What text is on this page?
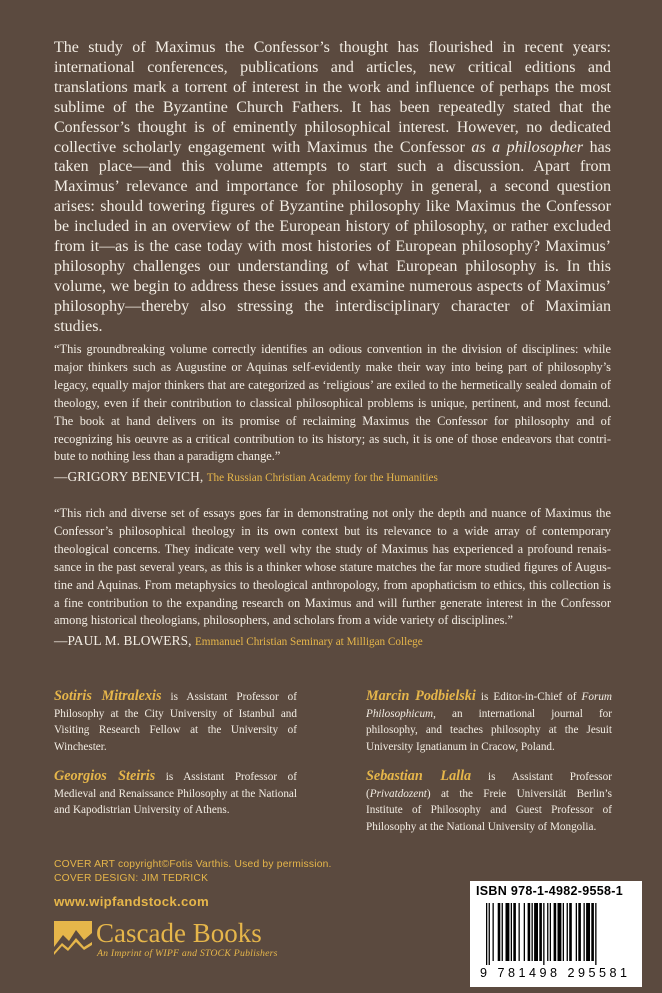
The study of Maximus the Confessor’s thought has flourished in recent years: international conferences, publications and articles, new critical editions and translations mark a torrent of interest in the work and influence of perhaps the most sublime of the Byzantine Church Fathers. It has been repeatedly stated that the Confessor’s thought is of eminently philosophical interest. However, no dedicated collective scholarly engagement with Maximus the Confessor as a philosopher has taken place—and this volume attempts to start such a discussion. Apart from Maximus’ relevance and importance for philosophy in general, a second question arises: should towering figures of Byzantine philosophy like Maximus the Confessor be included in an overview of the European history of philosophy, or rather excluded from it—as is the case today with most histories of European philosophy? Maximus’ philosophy challenges our understanding of what European philosophy is. In this volume, we begin to address these issues and examine numerous aspects of Maximus’ philosophy—thereby also stressing the interdisciplinary character of Maximian studies.
“This groundbreaking volume correctly identifies an odious convention in the division of disciplines: while major thinkers such as Augustine or Aquinas self-evidently make their way into being part of philosophy’s legacy, equally major thinkers that are categorized as ‘religious’ are exiled to the hermetically sealed domain of theology, even if their contribution to classical philosophical problems is unique, pertinent, and most fecund. The book at hand delivers on its promise of reclaiming Maximus the Confessor for philosophy and of recognizing his oeuvre as a critical contribution to its history; as such, it is one of those endeavors that contribute to nothing less than a paradigm change.”
—GRIGORY BENEVICH, The Russian Christian Academy for the Humanities
“This rich and diverse set of essays goes far in demonstrating not only the depth and nuance of Maximus the Confessor’s philosophical theology in its own context but its relevance to a wide array of contemporary theological concerns. They indicate very well why the study of Maximus has experienced a profound renaissance in the past several years, as this is a thinker whose stature matches the far more studied figures of Augustine and Aquinas. From metaphysics to theological anthropology, from apophaticism to ethics, this collection is a fine contribution to the expanding research on Maximus and will further generate interest in the Confessor among historical theologians, philosophers, and scholars from a wide variety of disciplines.”
—PAUL M. BLOWERS, Emmanuel Christian Seminary at Milligan College
Sotiris Mitralexis is Assistant Professor of Philosophy at the City University of Istanbul and Visiting Research Fellow at the University of Winchester.
Georgios Steiris is Assistant Professor of Medieval and Renaissance Philosophy at the National and Kapodistrian University of Athens.
Marcin Podbielski is Editor-in-Chief of Forum Philosophicum, an international journal for philosophy, and teaches philosophy at the Jesuit University Ignatianum in Cracow, Poland.
Sebastian Lalla is Assistant Professor (Privatdozent) at the Freie Universität Berlin’s Institute of Philosophy and Guest Professor of Philosophy at the National University of Mongolia.
COVER ART copyright©Fotis Varthis. Used by permission.
COVER DESIGN: JIM TEDRICK
www.wipfandstock.com
Cascade Books
An Imprint of WIPF and STOCK Publishers
ISBN 978-1-4982-9558-1
9 781498 295581
